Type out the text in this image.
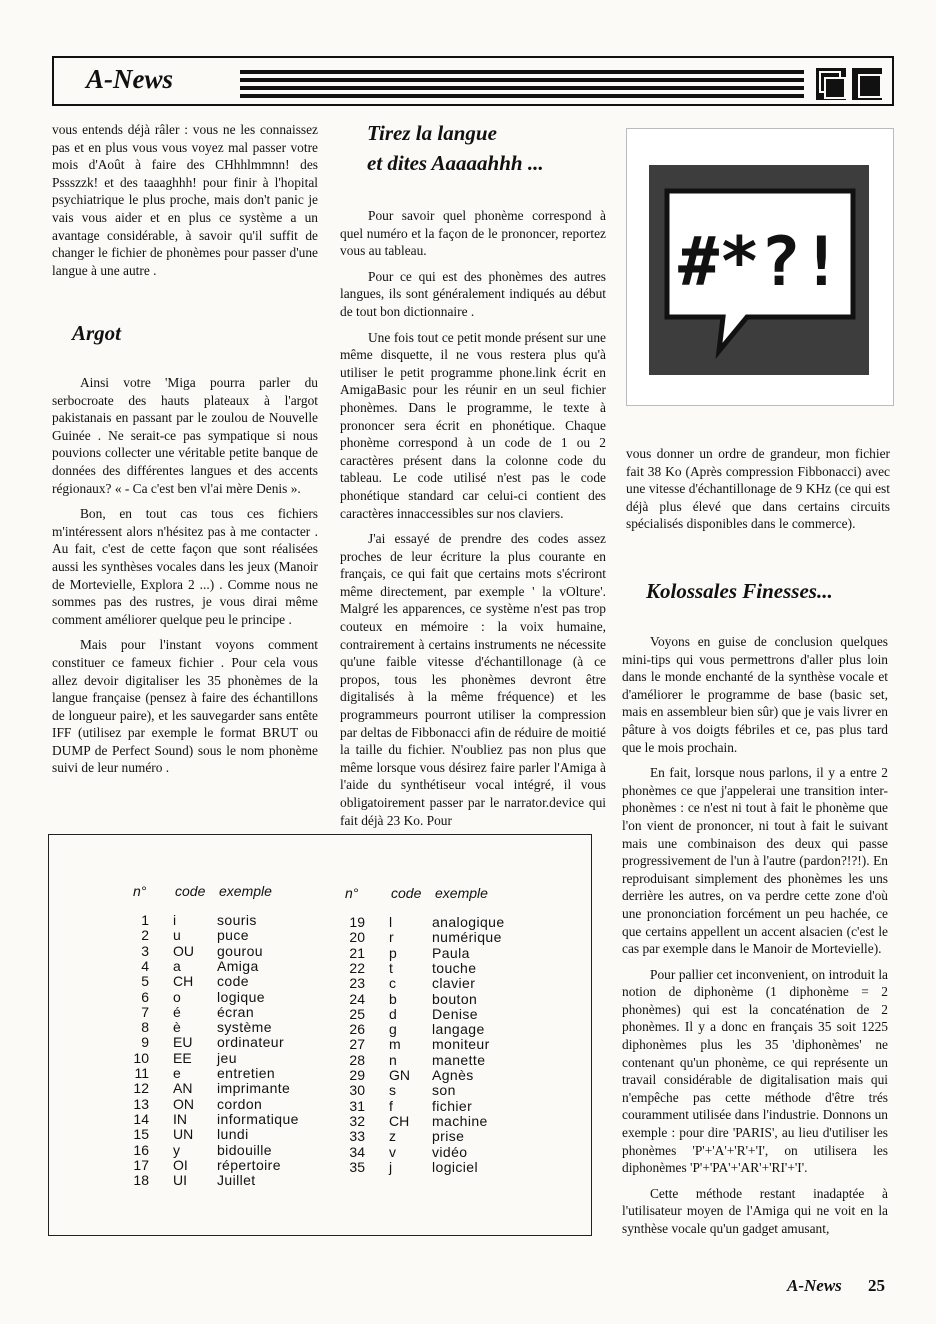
A-News

vous entends déjà râler : vous ne les connaissez pas et en plus vous vous voyez mal passer votre mois d'Août à faire des CHhhlmmnn! des Pssszzk! et des taaaghhh! pour finir à l'hopital psychiatrique le plus proche, mais don't panic je vais vous aider et en plus ce système a un avantage considérable, à savoir qu'il suffit de changer le fichier de phonèmes pour passer d'une langue à une autre .

Argot

Ainsi votre 'Miga pourra parler du serbocroate des hauts plateaux à l'argot pakistanais en passant par le zoulou de Nouvelle Guinée . Ne serait-ce pas sympatique si nous pouvions collecter une véritable petite banque de données des différentes langues et des accents régionaux? « - Ca c'est ben vl'ai mère Denis ».

Bon, en tout cas tous ces fichiers m'intéressent alors n'hésitez pas à me contacter . Au fait, c'est de cette façon que sont réalisées aussi les synthèses vocales dans les jeux (Manoir de Mortevielle, Explora 2 ...) . Comme nous ne sommes pas des rustres, je vous dirai même comment améliorer quelque peu le principe .

Mais pour l'instant voyons comment constituer ce fameux fichier . Pour cela vous allez devoir digitaliser les 35 phonèmes de la langue française (pensez à faire des échantillons de longueur paire), et les sauvegarder sans entête IFF (utilisez par exemple le format BRUT ou DUMP de Perfect Sound) sous le nom phonème suivi de leur numéro .

Tirez la langue
et dites Aaaaahhh ...

Pour savoir quel phonème correspond à quel numéro et la façon de le prononcer, reportez vous au tableau.

Pour ce qui est des phonèmes des autres langues, ils sont généralement indiqués au début de tout bon dictionnaire .

Une fois tout ce petit monde présent sur une même disquette, il ne vous restera plus qu'à utiliser le petit programme phone.link écrit en AmigaBasic pour les réunir en un seul fichier phonèmes. Dans le programme, le texte à prononcer sera écrit en phonétique. Chaque phonème correspond à un code de 1 ou 2 caractères présent dans la colonne code du tableau. Le code utilisé n'est pas le code phonétique standard car celui-ci contient des caractères innaccessibles sur nos claviers.

J'ai essayé de prendre des codes assez proches de leur écriture la plus courante en français, ce qui fait que certains mots s'écriront même directement, par exemple ' la vOlture'. Malgré les apparences, ce système n'est pas trop couteux en mémoire : la voix humaine, contrairement à certains instruments ne nécessite qu'une faible vitesse d'échantillonage (à ce propos, tous les phonèmes devront être digitalisés à la même fréquence) et les programmeurs pourront utiliser la compression par deltas de Fibbonacci afin de réduire de moitié la taille du fichier. N'oubliez pas non plus que même lorsque vous désirez faire parler l'Amiga à l'aide du synthétiseur vocal intégré, il vous obligatoirement passer par le narrator.device qui fait déjà 23 Ko. Pour

#*?!

vous donner un ordre de grandeur, mon fichier fait 38 Ko (Après compression Fibbonacci) avec une vitesse d'échantillonage de 9 KHz (ce qui est déjà plus élevé que dans certains circuits spécialisés disponibles dans le commerce).

Kolossales Finesses...

Voyons en guise de conclusion quelques mini-tips qui vous permettrons d'aller plus loin dans le monde enchanté de la synthèse vocale et d'améliorer le programme de base (basic set, mais en assembleur bien sûr) que je vais livrer en pâture à vos doigts fébriles et ce, pas plus tard que le mois prochain.

En fait, lorsque nous parlons, il y a entre 2 phonèmes ce que j'appelerai une transition inter-phonèmes : ce n'est ni tout à fait le phonème que l'on vient de prononcer, ni tout à fait le suivant mais une combinaison des deux qui passe progressivement de l'un à l'autre (pardon?!?!). En reproduisant simplement des phonèmes les uns derrière les autres, on va perdre cette zone d'où une prononciation forcément un peu hachée, ce que certains appellent un accent alsacien (c'est le cas par exemple dans le Manoir de Mortevielle).

Pour pallier cet inconvenient, on introduit la notion de diphonème (1 diphonème = 2 phonèmes) qui est la concaténation de 2 phonèmes. Il y a donc en français 35 soit 1225 diphonèmes plus les 35 'diphonèmes' ne contenant qu'un phonème, ce qui représente un travail considérable de digitalisation mais qui n'empêche pas cette méthode d'être trés couramment utilisée dans l'industrie. Donnons un exemple : pour dire 'PARIS', au lieu d'utiliser les phonèmes 'P'+'A'+'R'+'I', on utilisera les diphonèmes 'P'+'PA'+'AR'+'RI'+'I'.

Cette méthode restant inadaptée à l'utilisateur moyen de l'Amiga qui ne voit en la synthèse vocale qu'un gadget amusant,

n° code exemple	n° code exemple
1 i	souris
2 u	puce
3 OU gourou
4 a	Amiga
5 CH code
6 o	logique
7 é	écran
8 è	système
9 EU ordinateur
10 EE jeu
11 e	entretien
12 AN imprimante
13 ON cordon
14 IN informatique
15 UN lundi
16 y	bidouille
17 OI répertoire
18 UI Juillet
19 l	analogique
20 r	numérique
21 p	Paula
22 t	touche
23 c	clavier
24 b	bouton
25 d	Denise
26 g	langage
27 m moniteur
28 n	manette
29 GN Agnès
30 s	son
31 f	fichier
32 CH machine
33 z	prise
34 v	vidéo
35 j	logiciel
A-News 25
